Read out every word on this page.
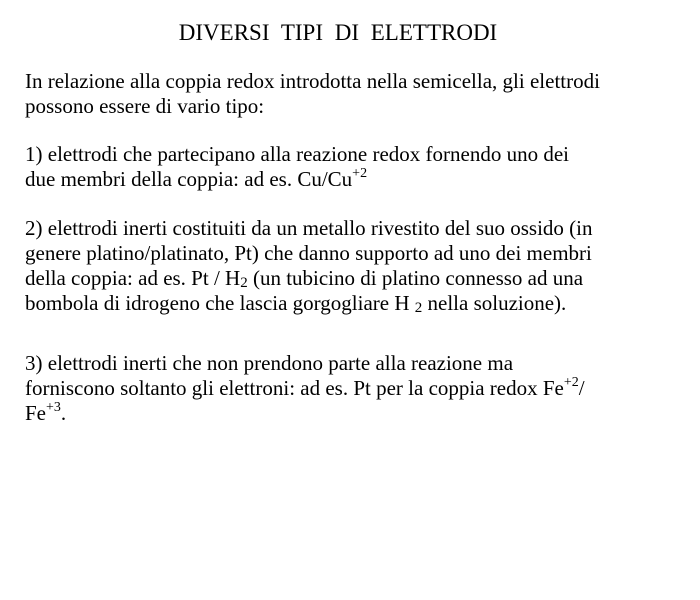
DIVERSI TIPI DI ELETTRODI
In relazione alla coppia redox introdotta nella semicella, gli elettrodi
possono essere di vario tipo:
1) elettrodi che partecipano alla reazione redox fornendo uno dei
due membri della coppia: ad es. $Cu/Cu^{+2}$
2) elettrodi inerti costituiti da un metallo rivestito del suo ossido (in
genere platino/platinato, Pt) che danno supporto ad uno dei membri
della coppia: ad es. Pt / H2 (un tubicino di platino connesso ad una
bombola di idrogeno che lascia gorgogliare H 2 nella soluzione).
3) elettrodi inerti che non prendono parte alla reazione ma
forniscono soltanto gli elettroni: ad es. Pt per la coppia redox $Fe^{+2}/$
$Fe^{+3}$.
